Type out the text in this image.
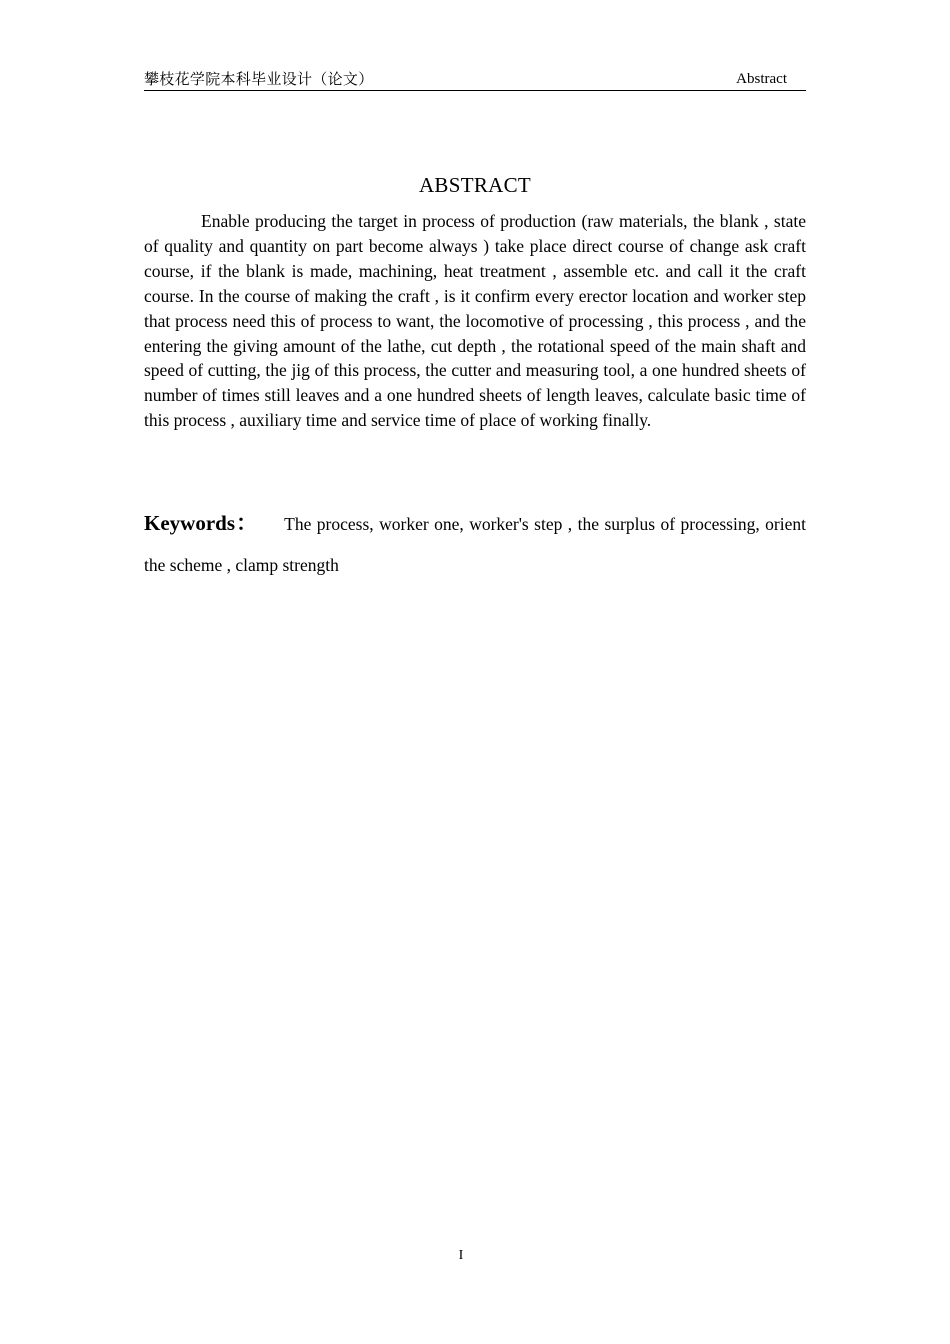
攀枝花学院本科毕业设计（论文）	Abstract
ABSTRACT

Enable producing the target in process of production (raw materials, the blank , state of quality and quantity on part become always ) take place direct course of change ask craft course, if the blank is made, machining, heat treatment , assemble etc. and call it the craft course. In the course of making the craft , is it confirm every erector location and worker step that process need this of process to want, the locomotive of processing , this process , and the entering the giving amount of the lathe, cut depth , the rotational speed of the main shaft and speed of cutting, the jig of this process, the cutter and measuring tool, a one hundred sheets of number of times still leaves and a one hundred sheets of length leaves, calculate basic time of this process , auxiliary time and service time of place of working finally.

Keywords： The process, worker one, worker's step , the surplus of processing, orient the scheme , clamp strength

I
